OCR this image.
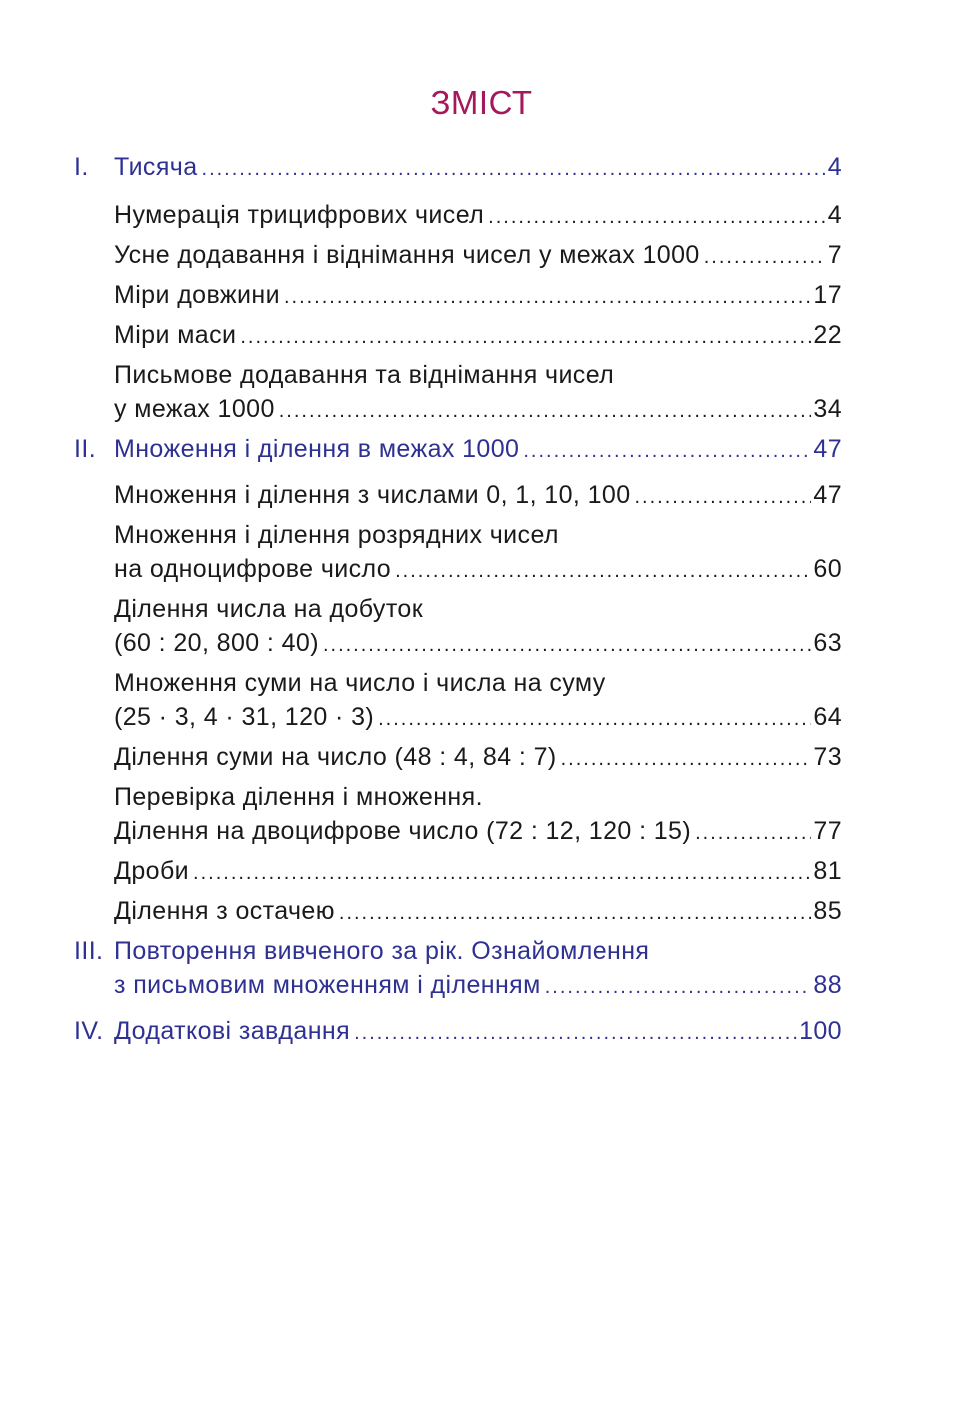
ЗМІСТ
I. Тисяча .....	4
Нумерація трицифрових чисел .....	4
Усне додавання і віднімання чисел у межах 1000 .....	7
Міри довжини .....	17
Міри маси .....	22
Письмове додавання та віднімання чисел
у межах 1000 .....	34
II. Множення і ділення в межах 1000 .....	47
Множення і ділення з числами 0, 1, 10, 100 .....	47
Множення і ділення розрядних чисел
на одноцифрове число .....	60
Ділення числа на добуток
(60 : 20, 800 : 40) .....	63
Множення суми на число і числа на суму
(25 · 3, 4 · 31, 120 · 3) .....	64
Ділення суми на число (48 : 4, 84 : 7) .....	73
Перевірка ділення і множення.
Ділення на двоцифрове число (72 : 12, 120 : 15) .....	77
Дроби .....	81
Ділення з остачею .....	85
III. Повторення вивченого за рік. Ознайомлення
з письмовим множенням і діленням .....	88
IV. Додаткові завдання .....	100
